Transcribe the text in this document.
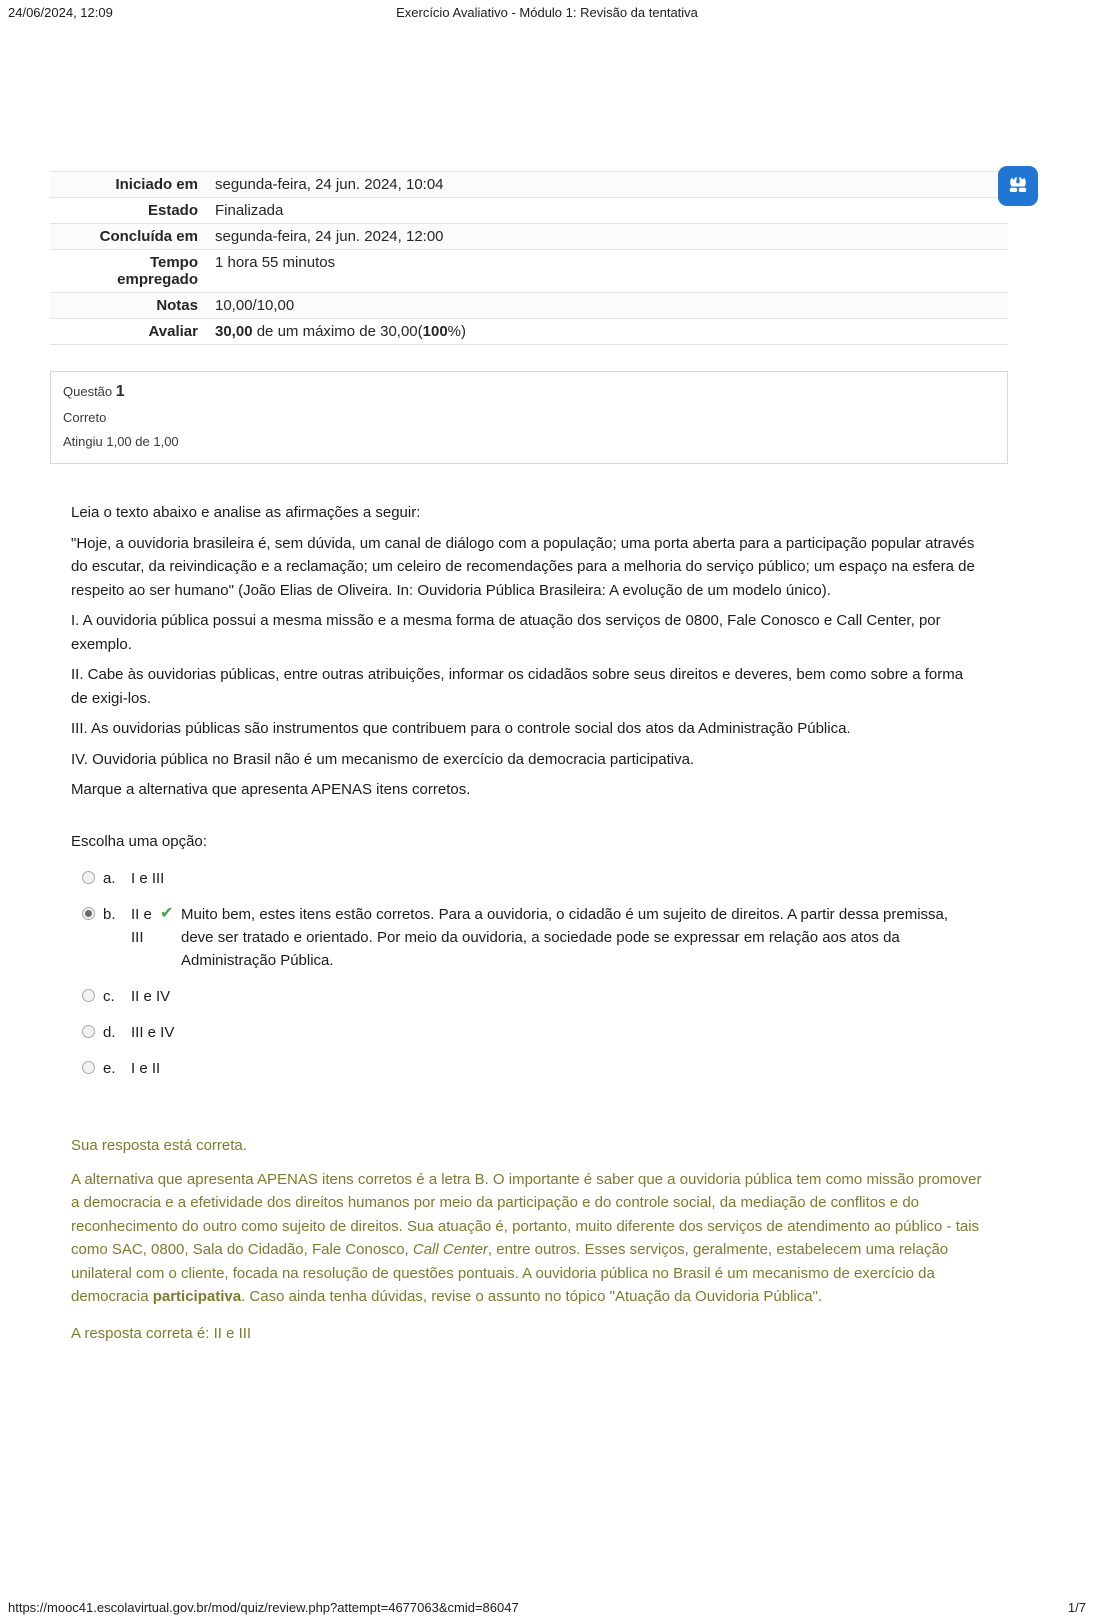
24/06/2024, 12:09	Exercício Avaliativo - Módulo 1: Revisão da tentativa
Iniciado em segunda-feira, 24 jun. 2024, 10:04
Estado Finalizada
Concluída em segunda-feira, 24 jun. 2024, 12:00
Tempo empregado
1 hora 55 minutos
Notas 10,00/10,00
Avaliar 30,00 de um máximo de 30,00(100%)
Questão 1
Correto
Atingiu 1,00 de 1,00

Leia o texto abaixo e analise as afirmações a seguir:

"Hoje, a ouvidoria brasileira é, sem dúvida, um canal de diálogo com a população; uma porta aberta para a participação popular através do escutar, da reivindicação e a reclamação; um celeiro de recomendações para a melhoria do serviço público; um espaço na esfera de respeito ao ser humano" (João Elias de Oliveira. In: Ouvidoria Pública Brasileira: A evolução de um modelo único).

I. A ouvidoria pública possui a mesma missão e a mesma forma de atuação dos serviços de 0800, Fale Conosco e Call Center, por exemplo.

II. Cabe às ouvidorias públicas, entre outras atribuições, informar os cidadãos sobre seus direitos e deveres, bem como sobre a forma de exigi-los.

III. As ouvidorias públicas são instrumentos que contribuem para o controle social dos atos da Administração Pública.

IV. Ouvidoria pública no Brasil não é um mecanismo de exercício da democracia participativa.

Marque a alternativa que apresenta APENAS itens corretos.

Escolha uma opção:
a.	I e III
b.	II e III
✔ Muito bem, estes itens estão corretos. Para a ouvidoria, o cidadão é um sujeito de direitos. A partir dessa premissa, deve ser tratado e orientado. Por meio da ouvidoria, a sociedade pode se expressar em relação aos atos da Administração Pública.
c.	II e IV
d.	III e IV
e.	I e II
Sua resposta está correta.
A alternativa que apresenta APENAS itens corretos é a letra B. O importante é saber que a ouvidoria pública tem como missão promover a democracia e a efetividade dos direitos humanos por meio da participação e do controle social, da mediação de conflitos e do reconhecimento do outro como sujeito de direitos. Sua atuação é, portanto, muito diferente dos serviços de atendimento ao público - tais como SAC, 0800, Sala do Cidadão, Fale Conosco, Call Center, entre outros. Esses serviços, geralmente, estabelecem uma relação unilateral com o cliente, focada na resolução de questões pontuais. A ouvidoria pública no Brasil é um mecanismo de exercício da democracia participativa. Caso ainda tenha dúvidas, revise o assunto no tópico "Atuação da Ouvidoria Pública".
A resposta correta é: II e III
https://mooc41.escolavirtual.gov.br/mod/quiz/review.php?attempt=4677063&cmid=86047	1/7
